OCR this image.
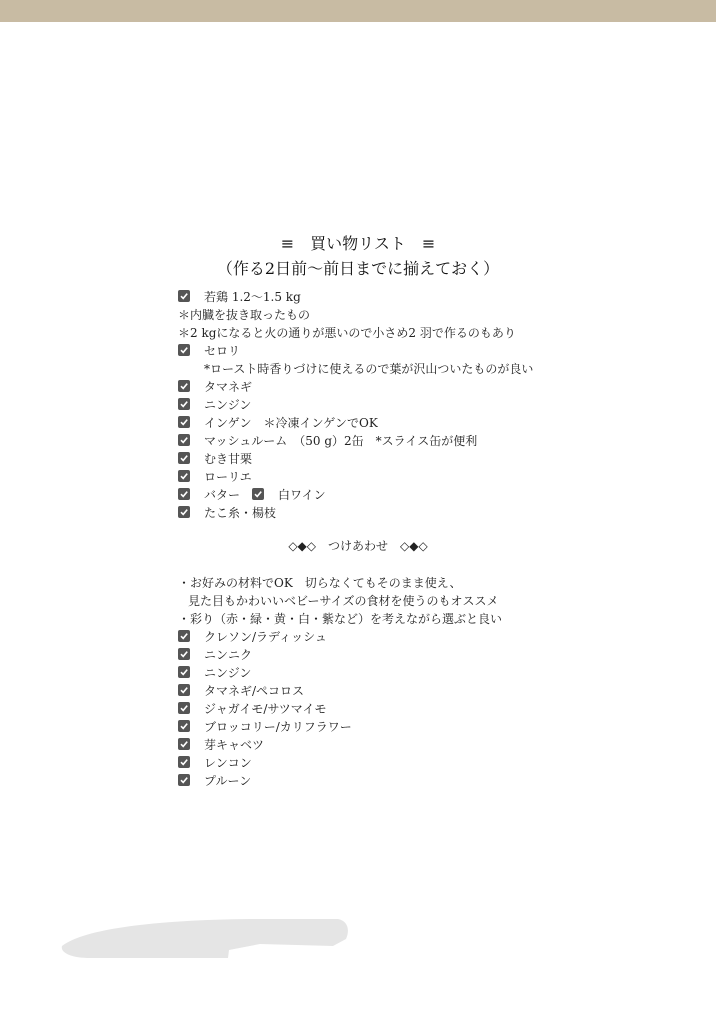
≡　買い物リスト　≡
（作る2日前〜前日までに揃えておく）
若鶏 1.2〜1.5 kg
＊内臓を抜き取ったもの
＊2 kgになると火の通りが悪いので小さめ2 羽で作るのもあり
セロリ
*ロースト時香りづけに使えるので葉が沢山ついたものが良い
タマネギ
ニンジン
インゲン　＊冷凍インゲンでOK
マッシュルーム　（50 g）2缶　*スライス缶が便利
むき甘栗
ローリエ
バター	白ワイン
たこ糸・楊枝
◇◆◇　つけあわせ　◇◆◇
・お好みの材料でOK　切らなくてもそのまま使え、
見た目もかわいいベビーサイズの食材を使うのもオススメ
・彩り（赤・緑・黄・白・紫など）を考えながら選ぶと良い
クレソン/ラディッシュ
ニンニク
ニンジン
タマネギ/ペコロス
ジャガイモ/サツマイモ
ブロッコリー/カリフラワー
芽キャベツ
レンコン
プルーン
